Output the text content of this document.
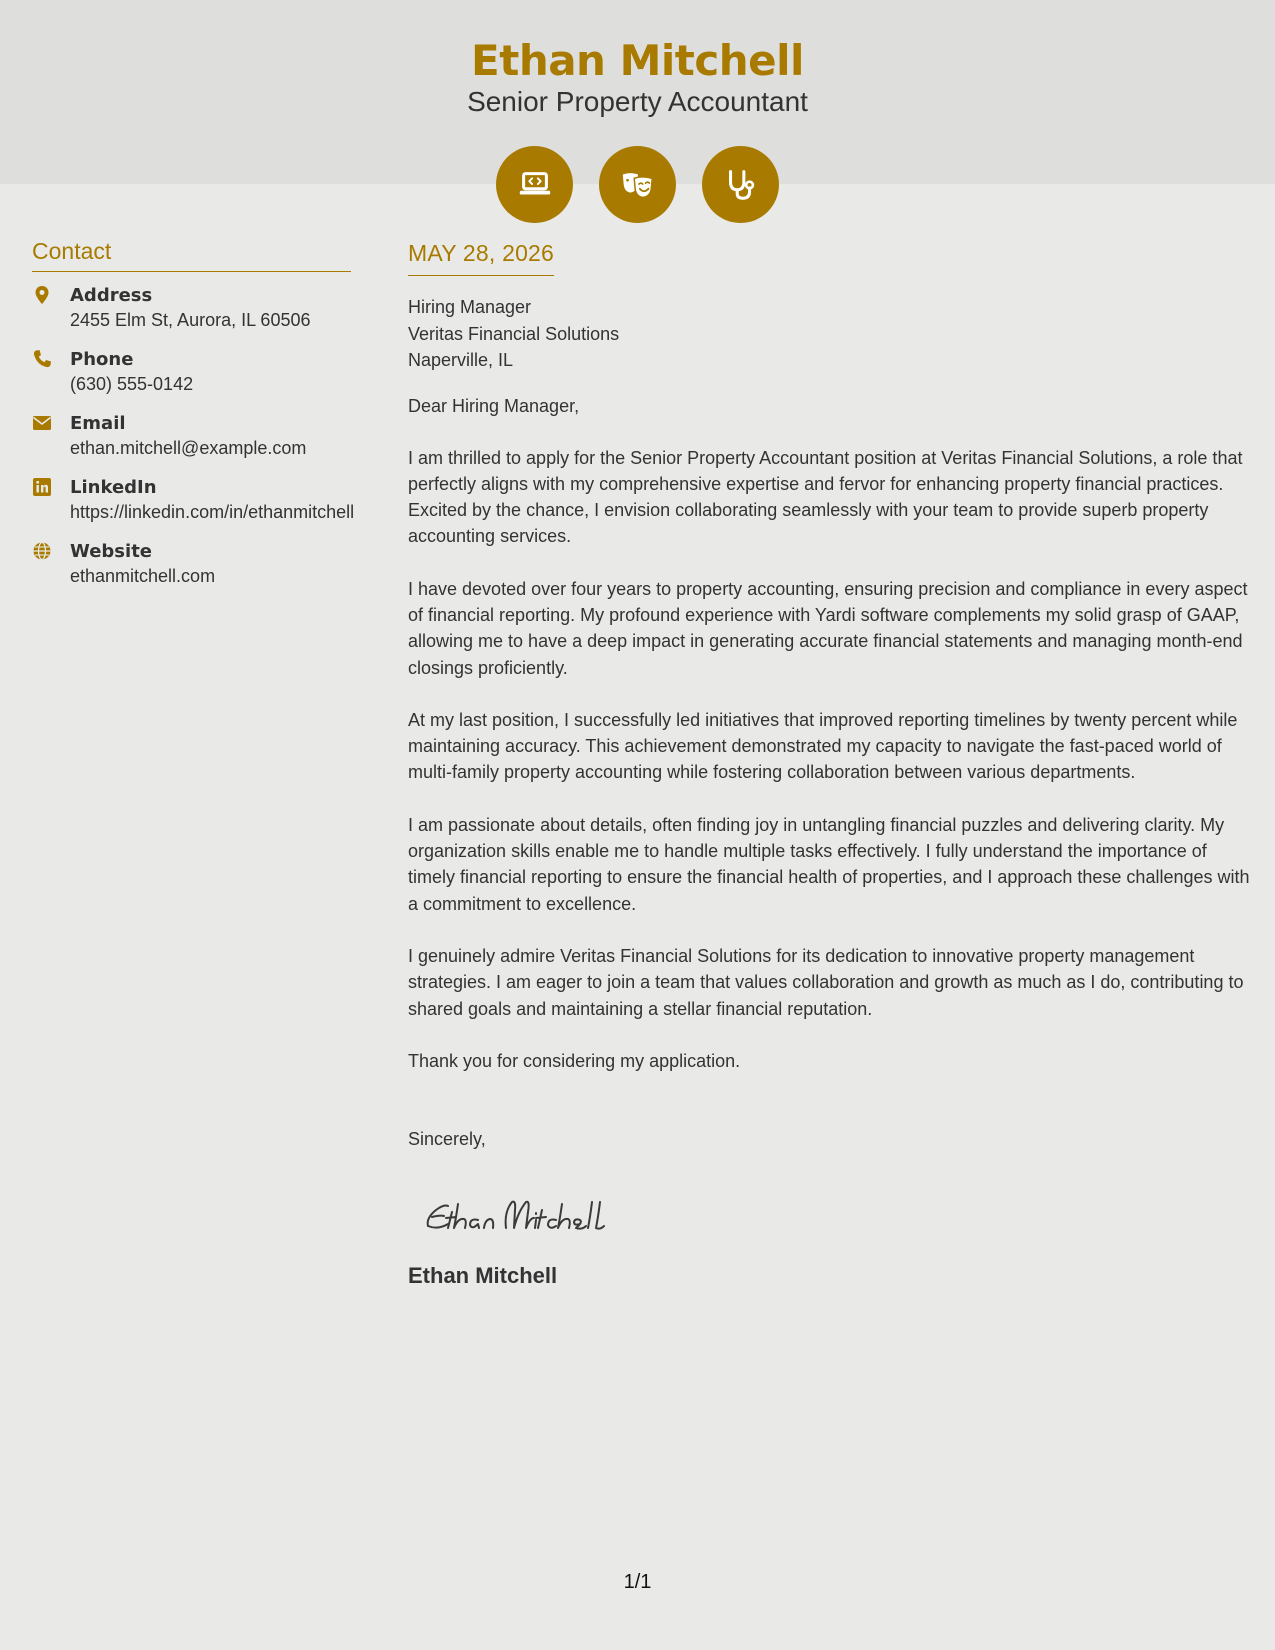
Ethan Mitchell
Senior Property Accountant
Contact
Address
2455 Elm St, Aurora, IL 60506
Phone
(630) 555-0142
Email
ethan.mitchell@example.com
LinkedIn
https://linkedin.com/in/ethanmitchell
Website
ethanmitchell.com
MAY 28, 2026
Hiring Manager
Veritas Financial Solutions
Naperville, IL
Dear Hiring Manager,

I am thrilled to apply for the Senior Property Accountant position at Veritas Financial Solutions, a role that perfectly aligns with my comprehensive expertise and fervor for enhancing property financial practices. Excited by the chance, I envision collaborating seamlessly with your team to provide superb property accounting services.

I have devoted over four years to property accounting, ensuring precision and compliance in every aspect of financial reporting. My profound experience with Yardi software complements my solid grasp of GAAP, allowing me to have a deep impact in generating accurate financial statements and managing month-end closings proficiently.

At my last position, I successfully led initiatives that improved reporting timelines by twenty percent while maintaining accuracy. This achievement demonstrated my capacity to navigate the fast-paced world of multi-family property accounting while fostering collaboration between various departments.

I am passionate about details, often finding joy in untangling financial puzzles and delivering clarity. My organization skills enable me to handle multiple tasks effectively. I fully understand the importance of timely financial reporting to ensure the financial health of properties, and I approach these challenges with a commitment to excellence.

I genuinely admire Veritas Financial Solutions for its dedication to innovative property management strategies. I am eager to join a team that values collaboration and growth as much as I do, contributing to shared goals and maintaining a stellar financial reputation.

Thank you for considering my application.

Sincerely,
Ethan Mitchell
1/1
